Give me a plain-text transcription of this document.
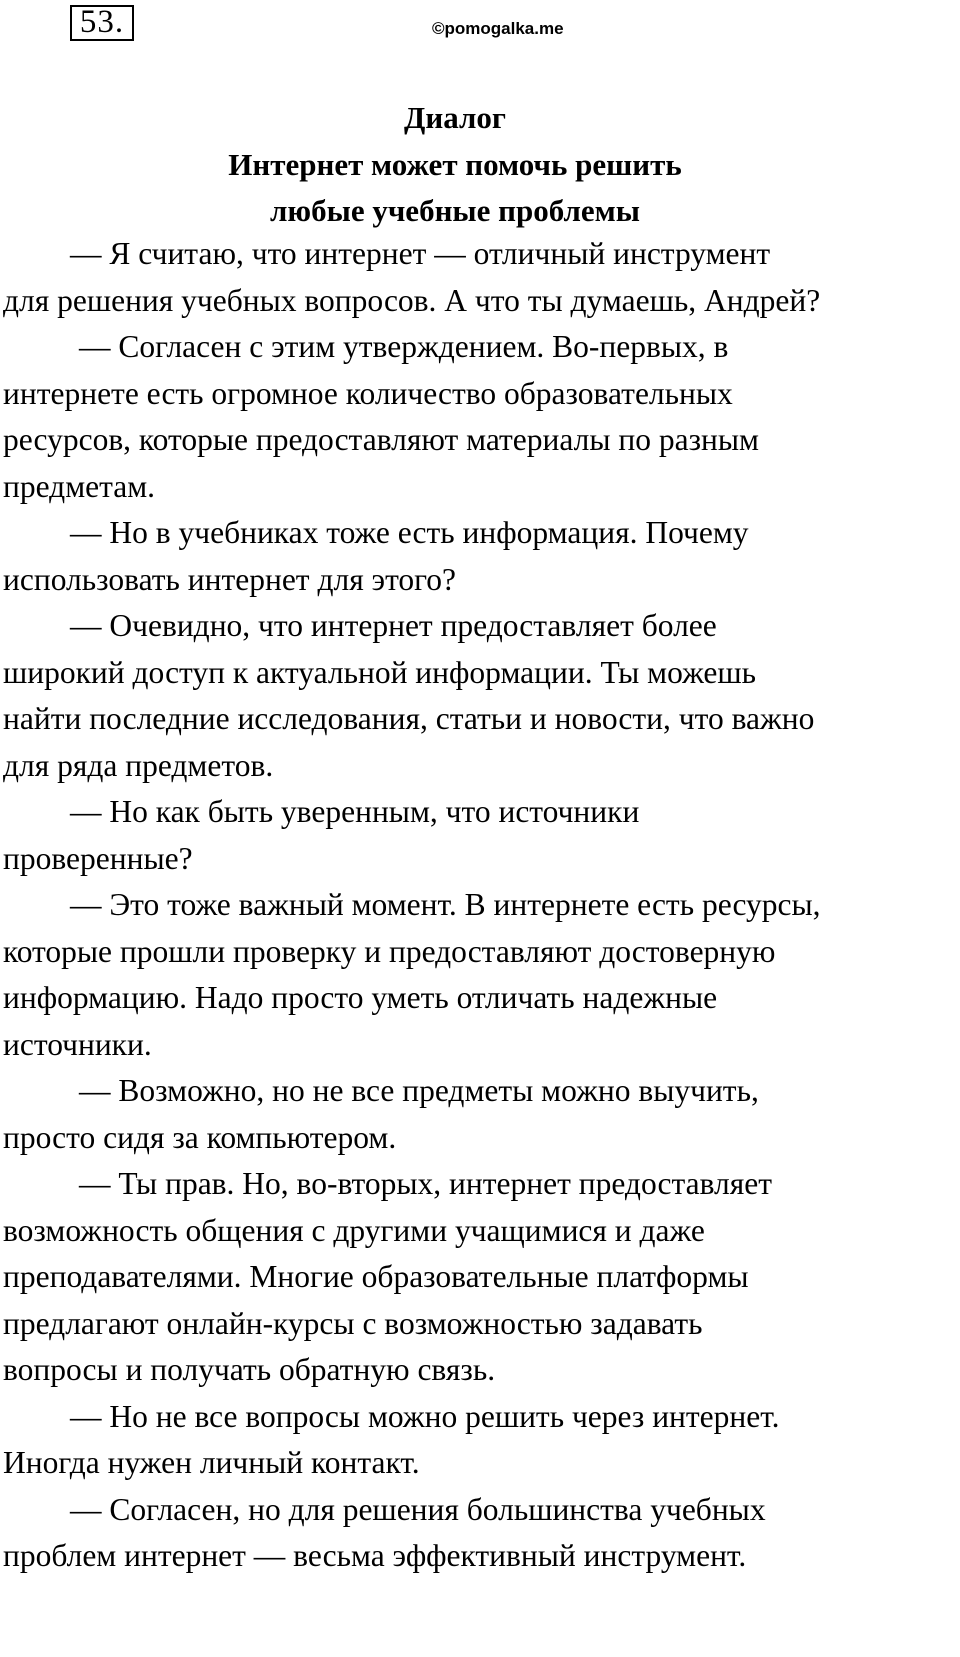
53.	©pomogalka.me
Диалог
Интернет может помочь решить
любые учебные проблемы
— Я считаю, что интернет — отличный инструмент
для решения учебных вопросов. А что ты думаешь, Андрей?
— Согласен с этим утверждением. Во-первых, в
интернете есть огромное количество образовательных
ресурсов, которые предоставляют материалы по разным
предметам.
— Но в учебниках тоже есть информация. Почему
использовать интернет для этого?
— Очевидно, что интернет предоставляет более
широкий доступ к актуальной информации. Ты можешь
найти последние исследования, статьи и новости, что важно
для ряда предметов.
— Но как быть уверенным, что источники
проверенные?
— Это тоже важный момент. В интернете есть ресурсы,
которые прошли проверку и предоставляют достоверную
информацию. Надо просто уметь отличать надежные
источники.
— Возможно, но не все предметы можно выучить,
просто сидя за компьютером.
— Ты прав. Но, во-вторых, интернет предоставляет
возможность общения с другими учащимися и даже
преподавателями. Многие образовательные платформы
предлагают онлайн-курсы с возможностью задавать
вопросы и получать обратную связь.
— Но не все вопросы можно решить через интернет.
Иногда нужен личный контакт.
— Согласен, но для решения большинства учебных
проблем интернет — весьма эффективный инструмент.
